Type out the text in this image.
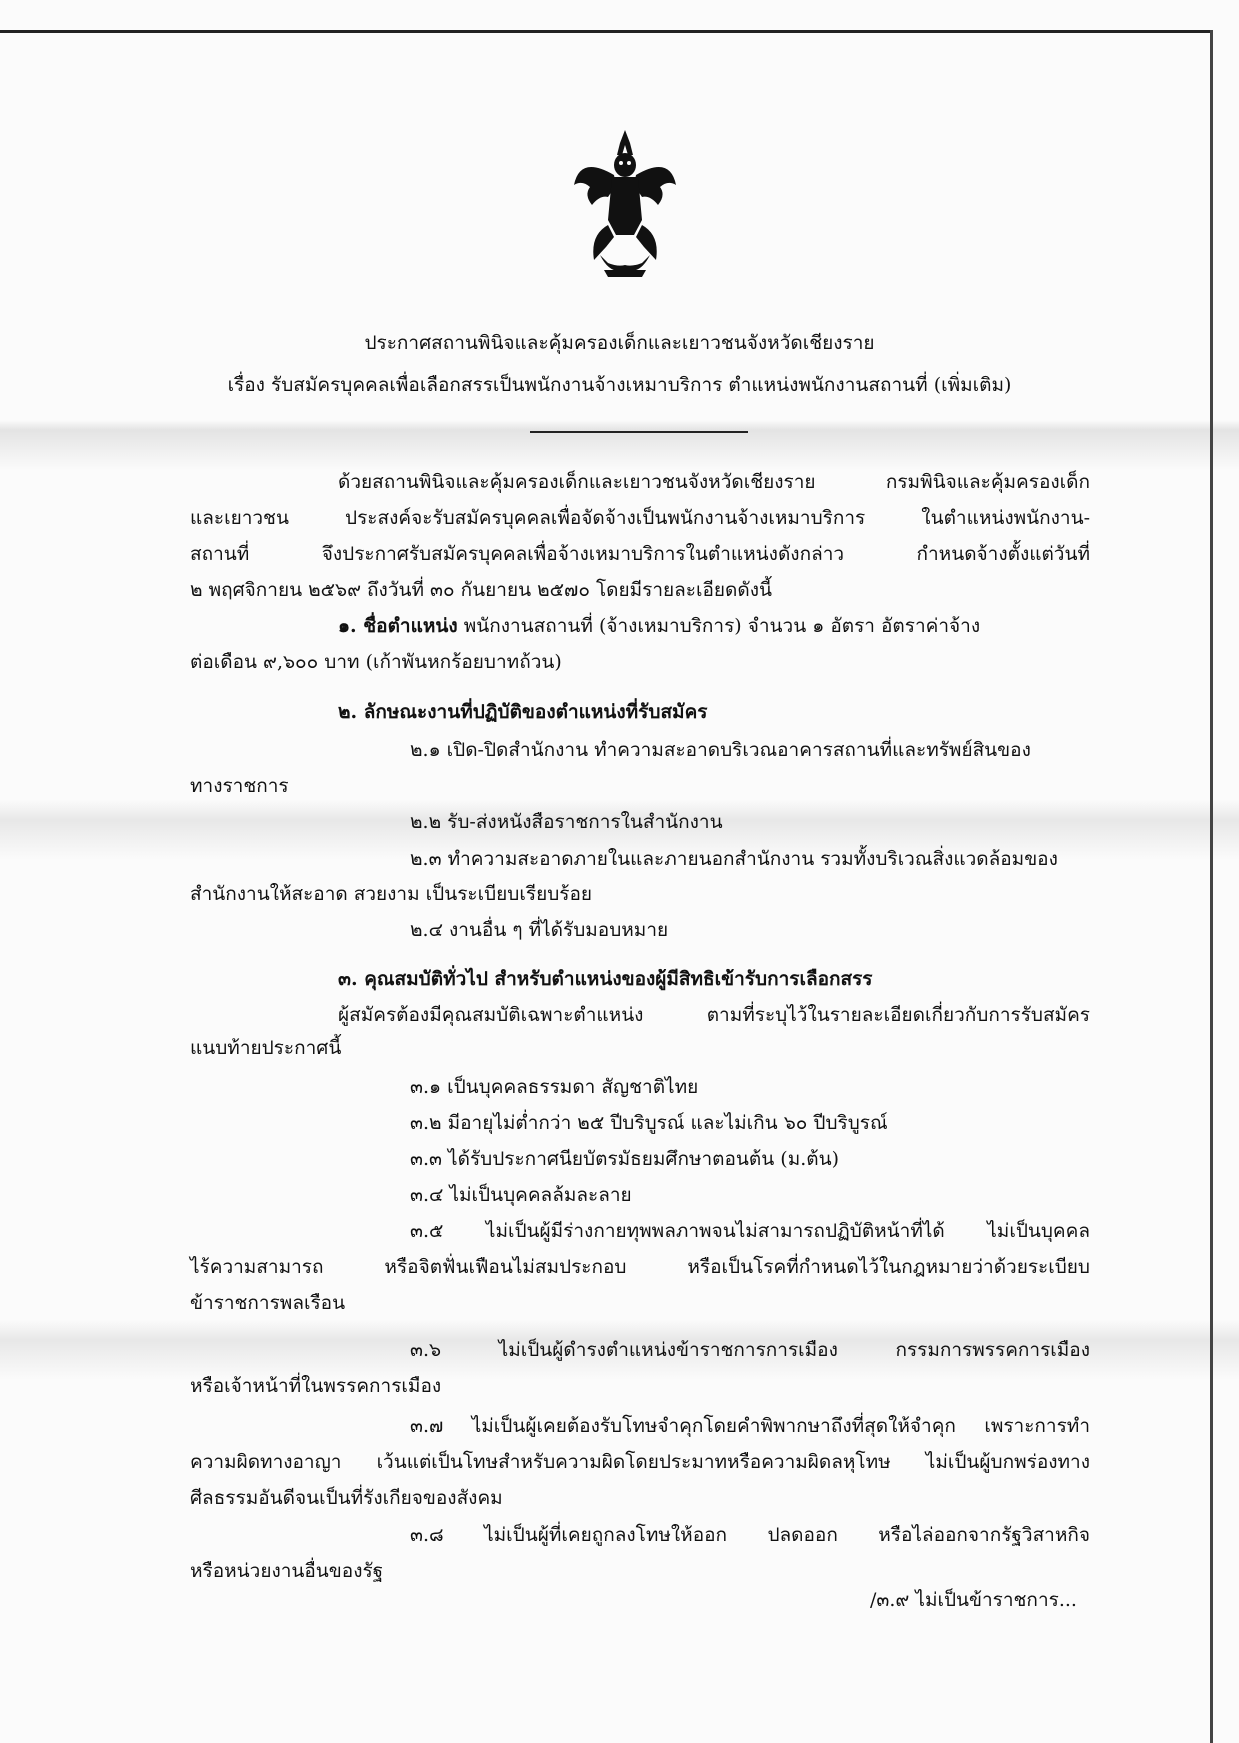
ประกาศสถานพินิจและคุ้มครองเด็กและเยาวชนจังหวัดเชียงราย
เรื่อง รับสมัครบุคคลเพื่อเลือกสรรเป็นพนักงานจ้างเหมาบริการ ตำแหน่งพนักงานสถานที่ (เพิ่มเติม)
ด้วยสถานพินิจและคุ้มครองเด็กและเยาวชนจังหวัดเชียงราย กรมพินิจและคุ้มครองเด็ก
และเยาวชน ประสงค์จะรับสมัครบุคคลเพื่อจัดจ้างเป็นพนักงานจ้างเหมาบริการ ในตำแหน่งพนักงาน-
สถานที่ จึงประกาศรับสมัครบุคคลเพื่อจ้างเหมาบริการในตำแหน่งดังกล่าว กำหนดจ้างตั้งแต่วันที่
๒ พฤศจิกายน ๒๕๖๙ ถึงวันที่ ๓๐ กันยายน ๒๕๗๐ โดยมีรายละเอียดดังนี้
๑. ชื่อตำแหน่ง พนักงานสถานที่ (จ้างเหมาบริการ) จำนวน ๑ อัตรา อัตราค่าจ้าง
ต่อเดือน ๙,๖๐๐ บาท (เก้าพันหกร้อยบาทถ้วน)
๒. ลักษณะงานที่ปฏิบัติของตำแหน่งที่รับสมัคร
๒.๑ เปิด-ปิดสำนักงาน ทำความสะอาดบริเวณอาคารสถานที่และทรัพย์สินของ
ทางราชการ
๒.๒ รับ-ส่งหนังสือราชการในสำนักงาน
๒.๓ ทำความสะอาดภายในและภายนอกสำนักงาน รวมทั้งบริเวณสิ่งแวดล้อมของ
สำนักงานให้สะอาด สวยงาม เป็นระเบียบเรียบร้อย
๒.๔ งานอื่น ๆ ที่ได้รับมอบหมาย
๓. คุณสมบัติทั่วไป สำหรับตำแหน่งของผู้มีสิทธิเข้ารับการเลือกสรร
ผู้สมัครต้องมีคุณสมบัติเฉพาะตำแหน่ง ตามที่ระบุไว้ในรายละเอียดเกี่ยวกับการรับสมัคร
แนบท้ายประกาศนี้
๓.๑ เป็นบุคคลธรรมดา สัญชาติไทย
๓.๒ มีอายุไม่ต่ำกว่า ๒๕ ปีบริบูรณ์ และไม่เกิน ๖๐ ปีบริบูรณ์
๓.๓ ได้รับประกาศนียบัตรมัธยมศึกษาตอนต้น (ม.ต้น)
๓.๔ ไม่เป็นบุคคลล้มละลาย
๓.๕ ไม่เป็นผู้มีร่างกายทุพพลภาพจนไม่สามารถปฏิบัติหน้าที่ได้ ไม่เป็นบุคคล
ไร้ความสามารถ หรือจิตฟั่นเฟือนไม่สมประกอบ หรือเป็นโรคที่กำหนดไว้ในกฎหมายว่าด้วยระเบียบ
ข้าราชการพลเรือน
๓.๖ ไม่เป็นผู้ดำรงตำแหน่งข้าราชการการเมือง กรรมการพรรคการเมือง
หรือเจ้าหน้าที่ในพรรคการเมือง
๓.๗ ไม่เป็นผู้เคยต้องรับโทษจำคุกโดยคำพิพากษาถึงที่สุดให้จำคุก เพราะการทำ
ความผิดทางอาญา เว้นแต่เป็นโทษสำหรับความผิดโดยประมาทหรือความผิดลหุโทษ ไม่เป็นผู้บกพร่องทาง
ศีลธรรมอันดีจนเป็นที่รังเกียจของสังคม
๓.๘ ไม่เป็นผู้ที่เคยถูกลงโทษให้ออก ปลดออก หรือไล่ออกจากรัฐวิสาหกิจ
หรือหน่วยงานอื่นของรัฐ
/๓.๙ ไม่เป็นข้าราชการ...
